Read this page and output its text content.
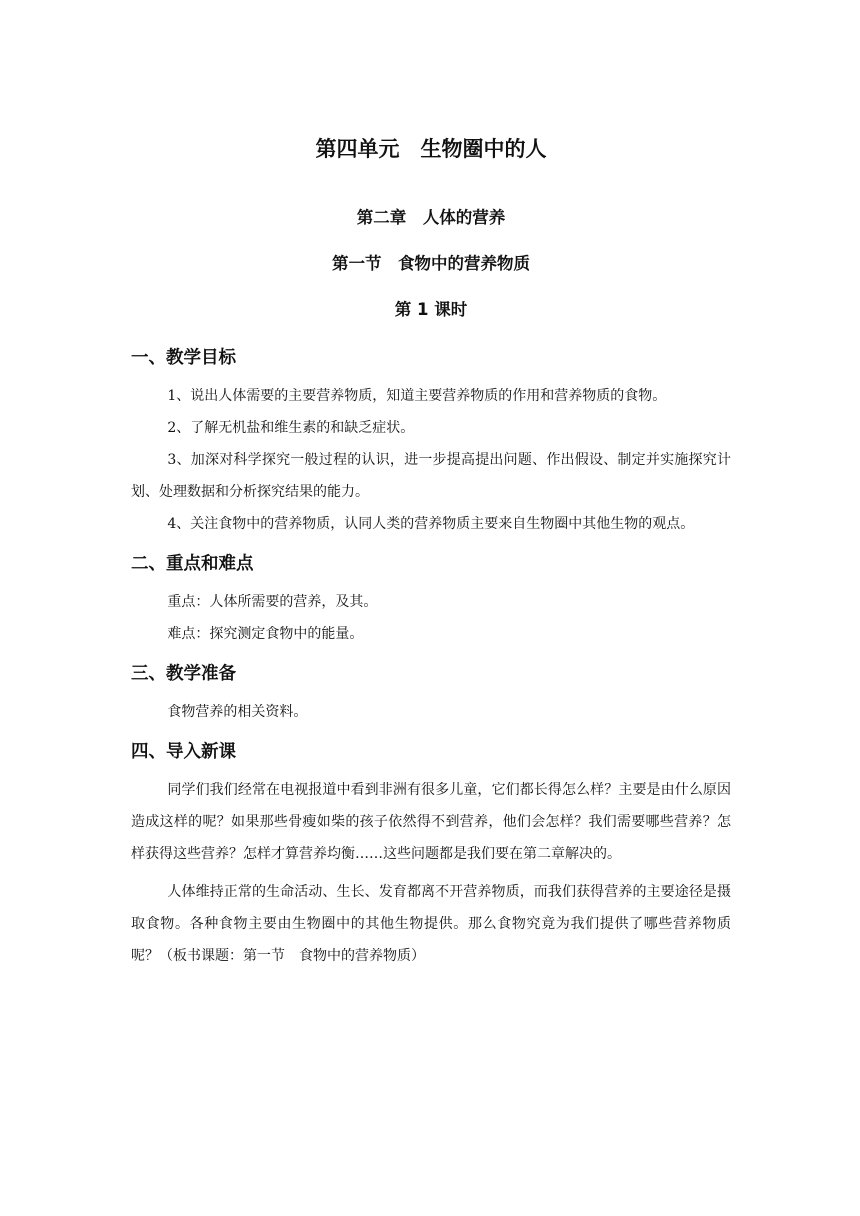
第四单元　生物圈中的人
第二章　人体的营养
第一节　食物中的营养物质
第 1 课时
一、教学目标

1、说出人体需要的主要营养物质，知道主要营养物质的作用和营养物质的食物。

2、了解无机盐和维生素的和缺乏症状。

3、加深对科学探究一般过程的认识，进一步提高提出问题、作出假设、制定并实施探究计划、处理数据和分析探究结果的能力。

4、关注食物中的营养物质，认同人类的营养物质主要来自生物圈中其他生物的观点。

二、重点和难点

重点：人体所需要的营养，及其。

难点：探究测定食物中的能量。

三、教学准备

食物营养的相关资料。

四、导入新课

同学们我们经常在电视报道中看到非洲有很多儿童，它们都长得怎么样？主要是由什么原因造成这样的呢？如果那些骨瘦如柴的孩子依然得不到营养，他们会怎样？我们需要哪些营养？怎样获得这些营养？怎样才算营养均衡……这些问题都是我们要在第二章解决的。

人体维持正常的生命活动、生长、发育都离不开营养物质，而我们获得营养的主要途径是摄取食物。各种食物主要由生物圈中的其他生物提供。那么食物究竟为我们提供了哪些营养物质呢？（板书课题：第一节　食物中的营养物质）
